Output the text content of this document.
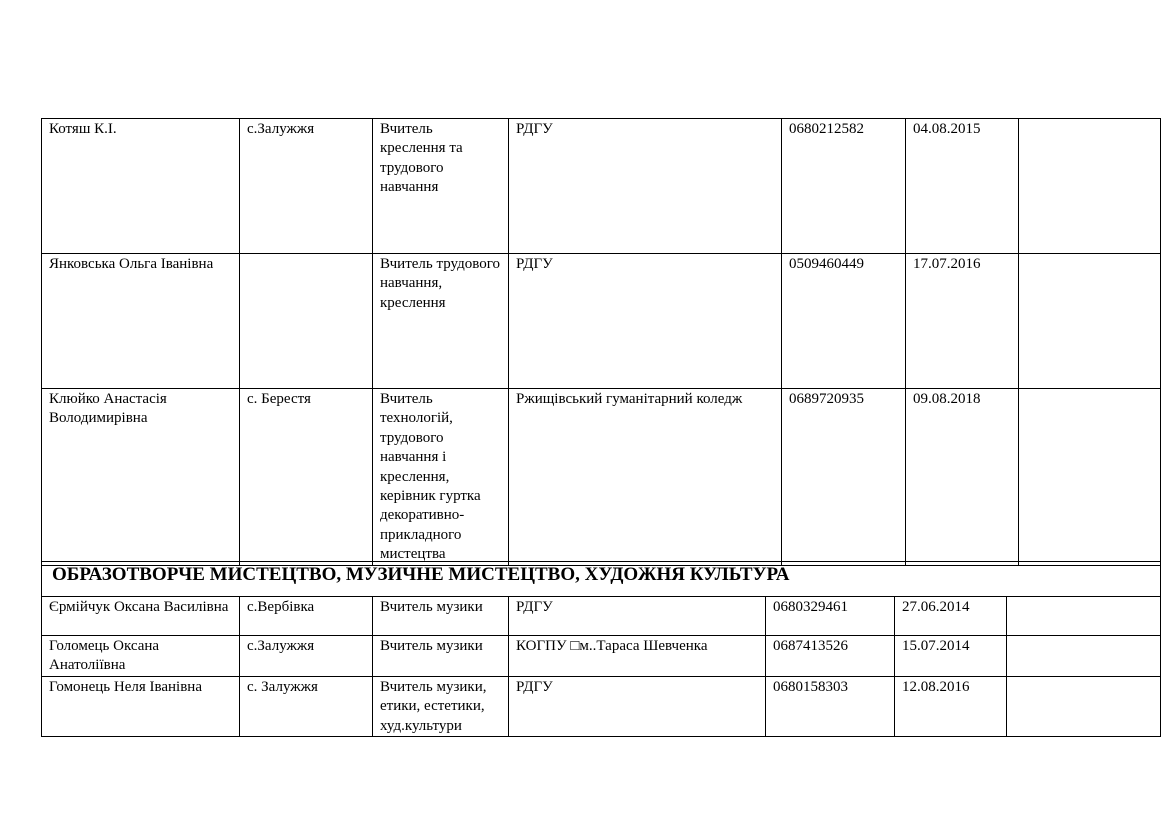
Котяш К.І.	с.Залужжя	Вчитель креслення та трудового навчання	РДГУ	0680212582	04.08.2015	
Янковська Ольга Іванівна		Вчитель трудового навчання, креслення	РДГУ	0509460449	17.07.2016	
Клюйко Анастасія Володимирівна	с. Берестя	Вчитель технологій, трудового навчання і креслення, керівник гуртка декоративно-прикладного мистецтва	Ржищівський гуманітарний коледж	0689720935	09.08.2018	
ОБРАЗОТВОРЧЕ МИСТЕЦТВО, МУЗИЧНЕ МИСТЕЦТВО, ХУДОЖНЯ КУЛЬТУРА						
Єрмійчук Оксана Василівна	с.Вербівка	Вчитель музики	РДГУ	0680329461	27.06.2014	
Голомець Оксана Анатоліївна	с.Залужжя	Вчитель музики	КОГПУ □м..Тараса Шевченка	0687413526	15.07.2014	
Гомонець Неля Іванівна	с. Залужжя	Вчитель музики, етики, естетики, худ.культури	РДГУ	0680158303	12.08.2016	
